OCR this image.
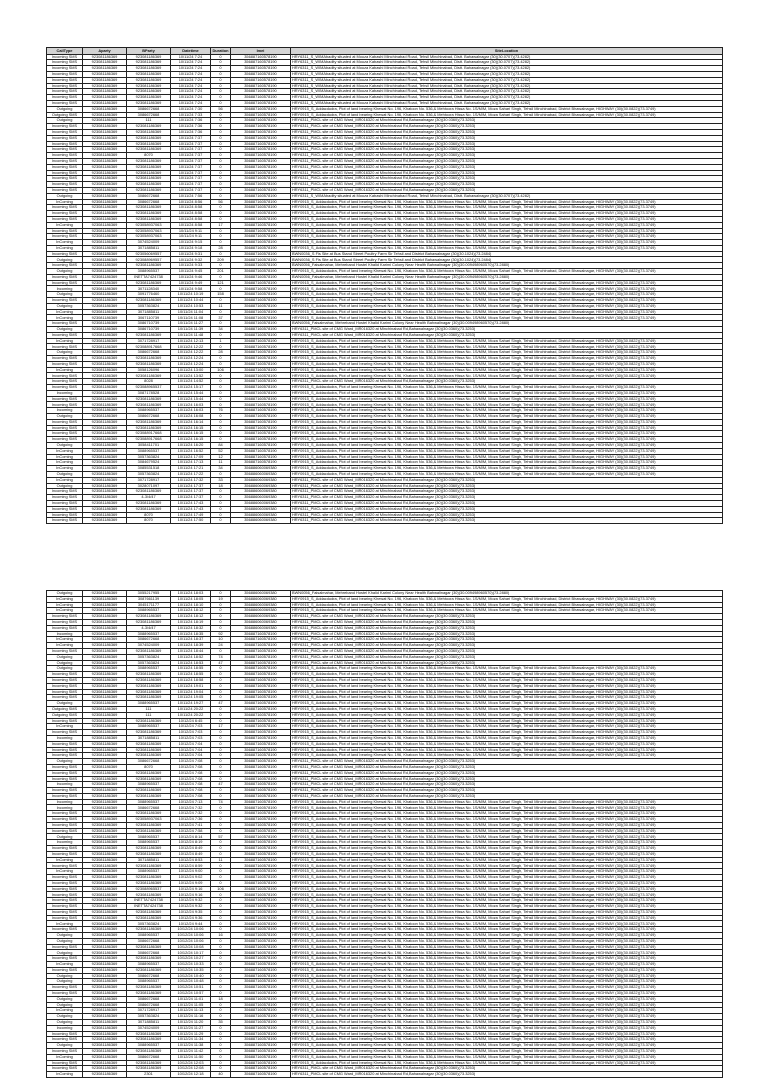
CallType	Aparty	BParty	Datetime	Duration	Imei	SiteLocation
Incoming SMS	923081186369	923081186369	10/11/24 7:24	0	356887160578190	HRY6311_S_WIMAbadity situated at Mouza Kabashi Minchinabad Road, Tehsil Minchinabad, Distt. Bahawalnagar (30)(30.0707)(73.4282)
Incoming SMS	923081186369	923081186369	10/11/24 7:24	0	356887160578190	HRY6311_S_WIMAbadity situated at Mouza Kabashi Minchinabad Road, Tehsil Minchinabad, Distt. Bahawalnagar (30)(30.0707)(73.4282)
Incoming SMS	923081186369	923081186369	10/11/24 7:24	0	356887160578190	HRY6311_S_WIMAbadity situated at Mouza Kabashi Minchinabad Road, Tehsil Minchinabad, Distt. Bahawalnagar (30)(30.0707)(73.4282)
Incoming SMS	923081186369	923081186369	10/11/24 7:24	0	356887160578190	HRY6311_S_WIMAbadity situated at Mouza Kabashi Minchinabad Road, Tehsil Minchinabad, Distt. Bahawalnagar (30)(30.0707)(73.4282)
Incoming SMS	923081186369	923081186369	10/11/24 7:24	0	356887160578190	HRY6311_S_WIMAbadity situated at Mouza Kabashi Minchinabad Road, Tehsil Minchinabad, Distt. Bahawalnagar (30)(30.0707)(73.4282)
Incoming SMS	923081186369	923081186369	10/11/24 7:24	0	356887160578190	HRY6311_S_WIMAbadity situated at Mouza Kabashi Minchinabad Road, Tehsil Minchinabad, Distt. Bahawalnagar (30)(30.0707)(73.4282)
Incoming SMS	923081186369	923081186369	10/11/24 7:24	0	356887160578190	HRY6311_S_WIMAbadity situated at Mouza Kabashi Minchinabad Road, Tehsil Minchinabad, Distt. Bahawalnagar (30)(30.0707)(73.4282)
Incoming SMS	923081186369	923081186369	10/11/24 7:24	0	356887160578190	HRY6311_S_WIMAbadity situated at Mouza Kabashi Minchinabad Road, Tehsil Minchinabad, Distt. Bahawalnagar (30)(30.0707)(73.4282)
Incoming SMS	923081186369	923081186369	10/11/24 7:24	0	356887160578190	HRY6311_S_WIMAbadity situated at Mouza Kabashi Minchinabad Road, Tehsil Minchinabad, Distt. Bahawalnagar (30)(30.0707)(73.4282)
Outgoing	923081186369	3086672668	10/11/24 7:30	56	356887160578190	HRY0915_S_Addacdudra, Plot of land bearing Khewat No. 196, Khatoon No. 536,& Mehtoora Hissa No. 1S/M/M, Moza Sahari Singh, Tehsil Minchinabad, District Bhawalnagar, HIGHWAY (30)(30.0822)(73.3749)
Outgoing SMS	923081186369	3086672668	10/11/24 7:33	0	356887160578190	HRY0915_S_Addacdudra, Plot of land bearing Khewat No. 196, Khatoon No. 536,& Mehtoora Hissa No. 1S/M/M, Moza Sahari Singh, Tehsil Minchinabad, District Bhawalnagar, HIGHWAY (30)(30.0822)(73.3749)
Outgoing	923081186369	111	10/11/24 7:36	0	356887160578190	HRY6311_PMCL site of CMG Ward_MR016320 at Minchinabad Rd,Bahawalnagar (30)(30.0360)(73.3253)
Incoming SMS	923081186369	923081186369	10/11/24 7:36	0	356887160578190	HRY6311_PMCL site of CMG Ward_MR016320 at Minchinabad Rd,Bahawalnagar (30)(30.0360)(73.3253)
Incoming SMS	923081186369	923081186369	10/11/24 7:36	0	356887160578190	HRY6311_PMCL site of CMG Ward_MR016320 at Minchinabad Rd,Bahawalnagar (30)(30.0360)(73.3253)
Incoming SMS	923081186369	923081186369	10/11/24 7:37	0	356887160578190	HRY6311_PMCL site of CMG Ward_MR016320 at Minchinabad Rd,Bahawalnagar (30)(30.0360)(73.3253)
Incoming SMS	923081186369	923081186369	10/11/24 7:37	0	356887160578190	HRY6311_PMCL site of CMG Ward_MR016320 at Minchinabad Rd,Bahawalnagar (30)(30.0360)(73.3253)
Incoming SMS	923081186369	923081186369	10/11/24 7:37	0	356887160578190	HRY6311_PMCL site of CMG Ward_MR016320 at Minchinabad Rd,Bahawalnagar (30)(30.0360)(73.3253)
Incoming SMS	923081186369	8070	10/11/24 7:37	0	356887160578190	HRY6311_PMCL site of CMG Ward_MR016320 at Minchinabad Rd,Bahawalnagar (30)(30.0360)(73.3253)
Incoming SMS	923081186369	923081186369	10/11/24 7:37	0	356887160578190	HRY6311_PMCL site of CMG Ward_MR016320 at Minchinabad Rd,Bahawalnagar (30)(30.0360)(73.3253)
Incoming SMS	923081186369	923081186369	10/11/24 7:37	0	356887160578190	HRY6311_PMCL site of CMG Ward_MR016320 at Minchinabad Rd,Bahawalnagar (30)(30.0360)(73.3253)
Incoming SMS	923081186369	923081186369	10/11/24 7:37	0	356887160578190	HRY6311_PMCL site of CMG Ward_MR016320 at Minchinabad Rd,Bahawalnagar (30)(30.0360)(73.3253)
Incoming SMS	923081186369	923081186369	10/11/24 7:37	0	356887160578190	HRY6311_PMCL site of CMG Ward_MR016320 at Minchinabad Rd,Bahawalnagar (30)(30.0360)(73.3253)
Incoming SMS	923081186369	923081186369	10/11/24 7:37	0	356887160578190	HRY6311_PMCL site of CMG Ward_MR016320 at Minchinabad Rd,Bahawalnagar (30)(30.0360)(73.3253)
Incoming SMS	923081186369	923081186369	10/11/24 7:37	0	356887160578190	HRY6311_PMCL site of CMG Ward_MR016320 at Minchinabad Rd,Bahawalnagar (30)(30.0360)(73.3253)
Outgoing	923081186369	3086672668	10/11/24 7:56	0	356887160578190	HRY6311_S_WIMAbadity situated at Mouza Kabashi Minchinabad Road, Tehsil Minchinabad, Distt. Bahawalnagar (30)(30.0707)(73.4282)
InComing	923081186369	3086672668	10/11/24 8:56	56	356887160578190	HRY0915_S_Addacdudra, Plot of land bearing Khewat No. 196, Khatoon No. 536,& Mehtoora Hissa No. 1S/M/M, Moza Sahari Singh, Tehsil Minchinabad, District Bhawalnagar, HIGHWAY (30)(30.0822)(73.3749)
Incoming SMS	923081186369	923081186369	10/11/24 8:58	0	356887160578190	HRY0915_S_Addacdudra, Plot of land bearing Khewat No. 196, Khatoon No. 536,& Mehtoora Hissa No. 1S/M/M, Moza Sahari Singh, Tehsil Minchinabad, District Bhawalnagar, HIGHWAY (30)(30.0822)(73.3749)
Incoming SMS	923081186369	923081186369	10/11/24 8:58	0	356887160578190	HRY0915_S_Addacdudra, Plot of land bearing Khewat No. 196, Khatoon No. 536,& Mehtoora Hissa No. 1S/M/M, Moza Sahari Singh, Tehsil Minchinabad, District Bhawalnagar, HIGHWAY (30)(30.0822)(73.3749)
Incoming SMS	923081186369	923081186369	10/11/24 8:58	0	356887160578190	HRY0915_S_Addacdudra, Plot of land bearing Khewat No. 196, Khatoon No. 536,& Mehtoora Hissa No. 1S/M/M, Moza Sahari Singh, Tehsil Minchinabad, District Bhawalnagar, HIGHWAY (30)(30.0822)(73.3749)
InComing	923081186369	923058937063	10/11/24 8:58	17	356887160578190	HRY0915_S_Addacdudra, Plot of land bearing Khewat No. 196, Khatoon No. 536,& Mehtoora Hissa No. 1S/M/M, Moza Sahari Singh, Tehsil Minchinabad, District Bhawalnagar, HIGHWAY (30)(30.0822)(73.3749)
Incoming SMS	923081186369	923058937063	10/11/24 9:11	0	356887160578190	HRY0915_S_Addacdudra, Plot of land bearing Khewat No. 196, Khatoon No. 536,& Mehtoora Hissa No. 1S/M/M, Moza Sahari Singh, Tehsil Minchinabad, District Bhawalnagar, HIGHWAY (30)(30.0822)(73.3749)
Incoming SMS	923081186369	923058937063	10/11/24 9:11	0	356887160578190	HRY0915_S_Addacdudra, Plot of land bearing Khewat No. 196, Khatoon No. 536,& Mehtoora Hissa No. 1S/M/M, Moza Sahari Singh, Tehsil Minchinabad, District Bhawalnagar, HIGHWAY (30)(30.0822)(73.3749)
InComing	923081186369	3074524009	10/11/24 9:15	0	356887160578190	HRY0915_S_Addacdudra, Plot of land bearing Khewat No. 196, Khatoon No. 536,& Mehtoora Hissa No. 1S/M/M, Moza Sahari Singh, Tehsil Minchinabad, District Bhawalnagar, HIGHWAY (30)(30.0822)(73.3749)
InComing	923081186369	3071885811	10/11/24 9:18	28	356887160578190	HRY0915_S_Addacdudra, Plot of land bearing Khewat No. 196, Khatoon No. 536,& Mehtoora Hissa No. 1S/M/M, Moza Sahari Singh, Tehsil Minchinabad, District Bhawalnagar, HIGHWAY (30)(30.0822)(73.3749)
Incoming SMS	923081186369	923056069557	10/11/24 9:31	0	356887160578190	BWN0036_S Fis Site at Bus Stand Street Poultry Farm Sir Tehsil and District Bahawalnagar (30)(30.1024)(73.2484)
Outgoing	923081186369	923088969557	10/11/24 9:32	209	356887160578190	BWN0036_S Fis Site at Bus Stand Street Poultry Farm Sir Tehsil and District Bahawalnagar (30)(30.1024)(73.2484)
Incoming SMS	923081186369	923081186369	10/11/24 9:33	0	356887160578190	BWN0056_Faisalmahar, Mehreband Hostel Khalid Karimi Colony Near Health Bahwalinagar (30)(30.009498960570)(73.2880)
Outgoing	923081186369	3088965537	10/11/24 9:45	201	356887160578190	HRY0915_S_Addacdudra, Plot of land bearing Khewat No. 196, Khatoon No. 536,& Mehtoora Hissa No. 1S/M/M, Moza Sahari Singh, Tehsil Minchinabad, District Bhawalnagar, HIGHWAY (30)(30.0822)(73.3749)
Incoming SMS	923081186369	INETTA7424738	10/11/24 9:46	0	356887160578190	BWN0056_Faisalmahar, Mehreband Hostel Khalid Karimi Colony Near Health Bahwalinagar (30)(30.009498960570)(73.2880)
Incoming SMS	923081186369	923081186369	10/11/24 9:49	121	356887160578190	HRY0915_S_Addacdudra, Plot of land bearing Khewat No. 196, Khatoon No. 536,& Mehtoora Hissa No. 1S/M/M, Moza Sahari Singh, Tehsil Minchinabad, District Bhawalnagar, HIGHWAY (30)(30.0822)(73.3749)
Incoming	923081186369	3071128340	10/11/24 9:58	0	356887160578190	HRY0915_S_Addacdudra, Plot of land bearing Khewat No. 196, Khatoon No. 536,& Mehtoora Hissa No. 1S/M/M, Moza Sahari Singh, Tehsil Minchinabad, District Bhawalnagar, HIGHWAY (30)(30.0822)(73.3749)
Outgoing	923081186369	3091776460	10/11/24 10:19	158	356887160578190	HRY0915_S_Addacdudra, Plot of land bearing Khewat No. 196, Khatoon No. 536,& Mehtoora Hissa No. 1S/M/M, Moza Sahari Singh, Tehsil Minchinabad, District Bhawalnagar, HIGHWAY (30)(30.0822)(73.3749)
Incoming SMS	923081186369	923081186369	10/11/24 10:44	0	356887160578190	HRY0915_S_Addacdudra, Plot of land bearing Khewat No. 196, Khatoon No. 536,& Mehtoora Hissa No. 1S/M/M, Moza Sahari Singh, Tehsil Minchinabad, District Bhawalnagar, HIGHWAY (30)(30.0822)(73.3749)
Outgoing	923081186369	3057363824	10/11/24 10:53	11	356887160578190	HRY0915_S_Addacdudra, Plot of land bearing Khewat No. 196, Khatoon No. 536,& Mehtoora Hissa No. 1S/M/M, Moza Sahari Singh, Tehsil Minchinabad, District Bhawalnagar, HIGHWAY (30)(30.0822)(73.3749)
InComing	923081186369	3071885811	10/11/24 11:04	0	356887160578190	HRY0915_S_Addacdudra, Plot of land bearing Khewat No. 196, Khatoon No. 536,& Mehtoora Hissa No. 1S/M/M, Moza Sahari Singh, Tehsil Minchinabad, District Bhawalnagar, HIGHWAY (30)(30.0822)(73.3749)
InComing	923081186369	3067110739	10/11/24 11:08	37	356887160578190	HRY0915_S_Addacdudra, Plot of land bearing Khewat No. 196, Khatoon No. 536,& Mehtoora Hissa No. 1S/M/M, Moza Sahari Singh, Tehsil Minchinabad, District Bhawalnagar, HIGHWAY (30)(30.0822)(73.3749)
Incoming SMS	923081186369	3086710739	10/11/24 11:27	0	356887160578190	BWN0056_Faisalmahar, Mehreband Hostel Khalid Karimi Colony Near Health Bahwalinagar (30)(30.009498960570)(73.2880)
Outgoing	923081186369	3086710739	10/11/24 11:39	34	356887160578190	HRY6311_PMCL site of CMG Ward_MR016320 at Minchinabad Rd,Bahawalnagar (30)(30.0360)(73.3253)
Incoming SMS	923081186369	923081186369	10/11/24 11:48	0	356887160578190	HRY6311_PMCL site of CMG Ward_MR016320 at Minchinabad Rd,Bahawalnagar (30)(30.0360)(73.3253)
InComing	923081186369	3071728917	10/11/24 12:13	1	356887160578190	HRY0915_S_Addacdudra, Plot of land bearing Khewat No. 196, Khatoon No. 536,& Mehtoora Hissa No. 1S/M/M, Moza Sahari Singh, Tehsil Minchinabad, District Bhawalnagar, HIGHWAY (30)(30.0822)(73.3749)
Incoming SMS	923081186369	923088917668	10/11/24 12:22	0	356887160578190	HRY0915_S_Addacdudra, Plot of land bearing Khewat No. 196, Khatoon No. 536,& Mehtoora Hissa No. 1S/M/M, Moza Sahari Singh, Tehsil Minchinabad, District Bhawalnagar, HIGHWAY (30)(30.0822)(73.3749)
Outgoing	923081186369	3086672668	10/11/24 12:22	28	356887160578190	HRY0915_S_Addacdudra, Plot of land bearing Khewat No. 196, Khatoon No. 536,& Mehtoora Hissa No. 1S/M/M, Moza Sahari Singh, Tehsil Minchinabad, District Bhawalnagar, HIGHWAY (30)(30.0822)(73.3749)
Incoming SMS	923081186369	923081186369	10/11/24 12:24	0	356887160578190	HRY0915_S_Addacdudra, Plot of land bearing Khewat No. 196, Khatoon No. 536,& Mehtoora Hissa No. 1S/M/M, Moza Sahari Singh, Tehsil Minchinabad, District Bhawalnagar, HIGHWAY (30)(30.0822)(73.3749)
Incoming SMS	923081186369	923081186369	10/11/24 12:24	0	356887160578190	HRY0915_S_Addacdudra, Plot of land bearing Khewat No. 196, Khatoon No. 536,& Mehtoora Hissa No. 1S/M/M, Moza Sahari Singh, Tehsil Minchinabad, District Bhawalnagar, HIGHWAY (30)(30.0822)(73.3749)
InComing	923081186369	3058126096	10/11/24 13:00	106	356887160578190	HRY0915_S_Addacdudra, Plot of land bearing Khewat No. 196, Khatoon No. 536,& Mehtoora Hissa No. 1S/M/M, Moza Sahari Singh, Tehsil Minchinabad, District Bhawalnagar, HIGHWAY (30)(30.0822)(73.3749)
Incoming SMS	923081186369	923081186369	10/11/24 13:52	0	356887160578190	HRY0915_S_Addacdudra, Plot of land bearing Khewat No. 196, Khatoon No. 536,& Mehtoora Hissa No. 1S/M/M, Moza Sahari Singh, Tehsil Minchinabad, District Bhawalnagar, HIGHWAY (30)(30.0822)(73.3749)
Incoming SMS	923081186369	8028	10/11/24 14:52	0	356887160578190	HRY6311_PMCL site of CMG Ward_MR016320 at Minchinabad Rd,Bahawalnagar (30)(30.0360)(73.3253)
Incoming SMS	923081186369	923088965537	10/11/24 15:17	0	356887160578190	HRY0915_S_Addacdudra, Plot of land bearing Khewat No. 196, Khatoon No. 536,& Mehtoora Hissa No. 1S/M/M, Moza Sahari Singh, Tehsil Minchinabad, District Bhawalnagar, HIGHWAY (30)(30.0822)(73.3749)
Incoming	923081186369	3087178528	10/11/24 15:44	0	356887160578190	HRY0915_S_Addacdudra, Plot of land bearing Khewat No. 196, Khatoon No. 536,& Mehtoora Hissa No. 1S/M/M, Moza Sahari Singh, Tehsil Minchinabad, District Bhawalnagar, HIGHWAY (30)(30.0822)(73.3749)
Incoming SMS	923081186369	923081186369	10/11/24 15:44	0	356887160578190	HRY0915_S_Addacdudra, Plot of land bearing Khewat No. 196, Khatoon No. 536,& Mehtoora Hissa No. 1S/M/M, Moza Sahari Singh, Tehsil Minchinabad, District Bhawalnagar, HIGHWAY (30)(30.0822)(73.3749)
Incoming SMS	923081186369	923081186369	10/11/24 16:03	0	356887160578190	HRY0915_S_Addacdudra, Plot of land bearing Khewat No. 196, Khatoon No. 536,& Mehtoora Hissa No. 1S/M/M, Moza Sahari Singh, Tehsil Minchinabad, District Bhawalnagar, HIGHWAY (30)(30.0822)(73.3749)
Incoming	923081186369	3088965537	10/11/24 16:03	76	356887160578190	HRY0915_S_Addacdudra, Plot of land bearing Khewat No. 196, Khatoon No. 536,& Mehtoora Hissa No. 1S/M/M, Moza Sahari Singh, Tehsil Minchinabad, District Bhawalnagar, HIGHWAY (30)(30.0822)(73.3749)
Outgoing	923081186369	3086672668	10/11/24 16:08	0	356887160578190	HRY0915_S_Addacdudra, Plot of land bearing Khewat No. 196, Khatoon No. 536,& Mehtoora Hissa No. 1S/M/M, Moza Sahari Singh, Tehsil Minchinabad, District Bhawalnagar, HIGHWAY (30)(30.0822)(73.3749)
Incoming SMS	923081186369	923081186369	10/11/24 16:14	0	356887160578190	HRY0915_S_Addacdudra, Plot of land bearing Khewat No. 196, Khatoon No. 536,& Mehtoora Hissa No. 1S/M/M, Moza Sahari Singh, Tehsil Minchinabad, District Bhawalnagar, HIGHWAY (30)(30.0822)(73.3749)
Incoming SMS	923081186369	923081186369	10/11/24 16:15	0	356887160578190	HRY0915_S_Addacdudra, Plot of land bearing Khewat No. 196, Khatoon No. 536,& Mehtoora Hissa No. 1S/M/M, Moza Sahari Singh, Tehsil Minchinabad, District Bhawalnagar, HIGHWAY (30)(30.0822)(73.3749)
Incoming SMS	923081186369	923088917668	10/11/24 16:15	0	356887160578190	HRY0915_S_Addacdudra, Plot of land bearing Khewat No. 196, Khatoon No. 536,& Mehtoora Hissa No. 1S/M/M, Moza Sahari Singh, Tehsil Minchinabad, District Bhawalnagar, HIGHWAY (30)(30.0822)(73.3749)
Incoming SMS	923081186369	923088917668	10/11/24 16:15	0	356887160578190	HRY0915_S_Addacdudra, Plot of land bearing Khewat No. 196, Khatoon No. 536,& Mehtoora Hissa No. 1S/M/M, Moza Sahari Singh, Tehsil Minchinabad, District Bhawalnagar, HIGHWAY (30)(30.0822)(73.3749)
Outgoing	923081186369	3058411701	10/11/24 16:20	84	356887160578190	HRY0915_S_Addacdudra, Plot of land bearing Khewat No. 196, Khatoon No. 536,& Mehtoora Hissa No. 1S/M/M, Moza Sahari Singh, Tehsil Minchinabad, District Bhawalnagar, HIGHWAY (30)(30.0822)(73.3749)
InComing	923081186369	3088965537	10/11/24 16:52	52	356887160578190	HRY0915_S_Addacdudra, Plot of land bearing Khewat No. 196, Khatoon No. 536,& Mehtoora Hissa No. 1S/M/M, Moza Sahari Singh, Tehsil Minchinabad, District Bhawalnagar, HIGHWAY (30)(30.0822)(73.3749)
InComing	923081186369	3057363824	10/11/24 17:09	12	356887160578190	HRY0915_S_Addacdudra, Plot of land bearing Khewat No. 196, Khatoon No. 536,& Mehtoora Hissa No. 1S/M/M, Moza Sahari Singh, Tehsil Minchinabad, District Bhawalnagar, HIGHWAY (30)(30.0822)(73.3749)
InComing	923081186369	3084679524	10/11/24 17:13	11	356887160578190	HRY0915_S_Addacdudra, Plot of land bearing Khewat No. 196, Khatoon No. 536,& Mehtoora Hissa No. 1S/M/M, Moza Sahari Singh, Tehsil Minchinabad, District Bhawalnagar, HIGHWAY (30)(30.0822)(73.3749)
InComing	923081186369	3085531518	10/11/24 17:21	34	356886060069380	HRY0915_S_Addacdudra, Plot of land bearing Khewat No. 196, Khatoon No. 536,& Mehtoora Hissa No. 1S/M/M, Moza Sahari Singh, Tehsil Minchinabad, District Bhawalnagar, HIGHWAY (30)(30.0822)(73.3749)
Outgoing	923081186369	3057363824	10/11/24 17:22	0	356886060069380	HRY0915_S_Addacdudra, Plot of land bearing Khewat No. 196, Khatoon No. 536,& Mehtoora Hissa No. 1S/M/M, Moza Sahari Singh, Tehsil Minchinabad, District Bhawalnagar, HIGHWAY (30)(30.0822)(73.3749)
InComing	923081186369	3071728917	10/11/24 17:32	33	356886060069380	HRY6311_PMCL site of CMG Ward_MR016320 at Minchinabad Rd,Bahawalnagar (30)(30.0360)(73.3253)
Outgoing	923081186369	3028071097	10/11/24 17:37	18	356886060069380	HRY6311_PMCL site of CMG Ward_MR016320 at Minchinabad Rd,Bahawalnagar (30)(30.0360)(73.3253)
Incoming SMS	923081186369	923081186369	10/11/24 17:37	0	356886060069380	HRY6311_PMCL site of CMG Ward_MR016320 at Minchinabad Rd,Bahawalnagar (30)(30.0360)(73.3253)
Incoming SMS	923081186369	4-3/4/47	10/11/24 17:37	0	356886060069380	HRY6311_PMCL site of CMG Ward_MR016320 at Minchinabad Rd,Bahawalnagar (30)(30.0360)(73.3253)
Incoming SMS	923081186369	923081186369	10/11/24 17:43	0	356886060069380	HRY6311_PMCL site of CMG Ward_MR016320 at Minchinabad Rd,Bahawalnagar (30)(30.0360)(73.3253)
Incoming SMS	923081186369	923081186369	10/11/24 17:43	0	356886060069380	HRY6311_PMCL site of CMG Ward_MR016320 at Minchinabad Rd,Bahawalnagar (30)(30.0360)(73.3253)
Incoming SMS	923081186369	8070	10/11/24 17:49	0	356886060069380	HRY6311_PMCL site of CMG Ward_MR016320 at Minchinabad Rd,Bahawalnagar (30)(30.0360)(73.3253)
Incoming SMS	923081186369	8070	10/11/24 17:50	0	356886060069380	HRY6311_PMCL site of CMG Ward_MR016320 at Minchinabad Rd,Bahawalnagar (30)(30.0360)(73.3253)
Outgoing	923081186369	3055217955	10/11/24 18:03	0	356886060069380	BWN0056_Faisalmahar, Mehreband Hostel Khalid Karimi Colony Near Health Bahwalinagar (30)(30.009498960570)(73.2880)
InComing	923081186369	3087661139	10/11/24 18:05	19	356886060069380	HRY0915_S_Addacdudra, Plot of land bearing Khewat No. 196, Khatoon No. 536,& Mehtoora Hissa No. 1S/M/M, Moza Sahari Singh, Tehsil Minchinabad, District Bhawalnagar, HIGHWAY (30)(30.0822)(73.3749)
InComing	923081186369	3045171177	10/11/24 18:10	0	356886060069380	HRY0915_S_Addacdudra, Plot of land bearing Khewat No. 196, Khatoon No. 536,& Mehtoora Hissa No. 1S/M/M, Moza Sahari Singh, Tehsil Minchinabad, District Bhawalnagar, HIGHWAY (30)(30.0822)(73.3749)
InComing	923081186369	3088965537	10/11/24 18:12	0	356886060069380	HRY0915_S_Addacdudra, Plot of land bearing Khewat No. 196, Khatoon No. 536,& Mehtoora Hissa No. 1S/M/M, Moza Sahari Singh, Tehsil Minchinabad, District Bhawalnagar, HIGHWAY (30)(30.0822)(73.3749)
Incoming SMS	923081186369	923081186369	10/11/24 18:12	0	356886060069380	HRY6311_PMCL site of CMG Ward_MR016320 at Minchinabad Rd,Bahawalnagar (30)(30.0360)(73.3253)
Incoming SMS	923081186369	923081186369	10/11/24 18:19	0	356886060069380	HRY6311_PMCL site of CMG Ward_MR016320 at Minchinabad Rd,Bahawalnagar (30)(30.0360)(73.3253)
Incoming SMS	923081186369	4-3/4/47	10/11/24 18:32	0	356886060069380	HRY6311_PMCL site of CMG Ward_MR016320 at Minchinabad Rd,Bahawalnagar (30)(30.0360)(73.3253)
Incoming	923081186369	3088965537	10/11/24 18:35	92	356887160578190	HRY6311_PMCL site of CMG Ward_MR016320 at Minchinabad Rd,Bahawalnagar (30)(30.0360)(73.3253)
InComing	923081186369	3086672668	10/11/24 18:37	10	356887160578190	HRY6311_PMCL site of CMG Ward_MR016320 at Minchinabad Rd,Bahawalnagar (30)(30.0360)(73.3253)
InComing	923081186369	3074524009	10/11/24 18:39	24	356887160578190	HRY6311_PMCL site of CMG Ward_MR016320 at Minchinabad Rd,Bahawalnagar (30)(30.0360)(73.3253)
Incoming SMS	923081186369	923081186369	10/11/24 18:44	0	356887160578190	HRY6311_PMCL site of CMG Ward_MR016320 at Minchinabad Rd,Bahawalnagar (30)(30.0360)(73.3253)
Outgoing	923081186369	3057363824	10/11/24 18:52	74	356887160578190	HRY6311_PMCL site of CMG Ward_MR016320 at Minchinabad Rd,Bahawalnagar (30)(30.0360)(73.3253)
Outgoing	923081186369	3057363824	10/11/24 18:53	47	356887160578190	HRY6311_PMCL site of CMG Ward_MR016320 at Minchinabad Rd,Bahawalnagar (30)(30.0360)(73.3253)
Outgoing	923081186369	3088965537	10/11/24 18:55	0	356887160578190	HRY0915_S_Addacdudra, Plot of land bearing Khewat No. 196, Khatoon No. 536,& Mehtoora Hissa No. 1S/M/M, Moza Sahari Singh, Tehsil Minchinabad, District Bhawalnagar, HIGHWAY (30)(30.0822)(73.3749)
Incoming SMS	923081186369	923081186369	10/11/24 18:55	0	356887160578190	HRY0915_S_Addacdudra, Plot of land bearing Khewat No. 196, Khatoon No. 536,& Mehtoora Hissa No. 1S/M/M, Moza Sahari Singh, Tehsil Minchinabad, District Bhawalnagar, HIGHWAY (30)(30.0822)(73.3749)
Incoming SMS	923081186369	923081186369	10/11/24 18:58	0	356887160578190	HRY0915_S_Addacdudra, Plot of land bearing Khewat No. 196, Khatoon No. 536,& Mehtoora Hissa No. 1S/M/M, Moza Sahari Singh, Tehsil Minchinabad, District Bhawalnagar, HIGHWAY (30)(30.0822)(73.3749)
Incoming SMS	923081186369	923081186369	10/11/24 19:01	0	356887160578190	HRY0915_S_Addacdudra, Plot of land bearing Khewat No. 196, Khatoon No. 536,& Mehtoora Hissa No. 1S/M/M, Moza Sahari Singh, Tehsil Minchinabad, District Bhawalnagar, HIGHWAY (30)(30.0822)(73.3749)
Incoming SMS	923081186369	923081186369	10/11/24 19:04	0	356887160578190	HRY0915_S_Addacdudra, Plot of land bearing Khewat No. 196, Khatoon No. 536,& Mehtoora Hissa No. 1S/M/M, Moza Sahari Singh, Tehsil Minchinabad, District Bhawalnagar, HIGHWAY (30)(30.0822)(73.3749)
Incoming SMS	923081186369	923081186369	10/11/24 19:05	0	356887160578190	HRY0915_S_Addacdudra, Plot of land bearing Khewat No. 196, Khatoon No. 536,& Mehtoora Hissa No. 1S/M/M, Moza Sahari Singh, Tehsil Minchinabad, District Bhawalnagar, HIGHWAY (30)(30.0822)(73.3749)
Outgoing	923081186369	3088965537	10/11/24 19:27	47	356887160578190	HRY0915_S_Addacdudra, Plot of land bearing Khewat No. 196, Khatoon No. 536,& Mehtoora Hissa No. 1S/M/M, Moza Sahari Singh, Tehsil Minchinabad, District Bhawalnagar, HIGHWAY (30)(30.0822)(73.3749)
Outgoing SMS	923081186369	111	10/11/24 20:22	0	356887160578190	HRY0915_S_Addacdudra, Plot of land bearing Khewat No. 196, Khatoon No. 536,& Mehtoora Hissa No. 1S/M/M, Moza Sahari Singh, Tehsil Minchinabad, District Bhawalnagar, HIGHWAY (30)(30.0822)(73.3749)
Outgoing SMS	923081186369	111	10/11/24 20:22	0	356887160578190	HRY0915_S_Addacdudra, Plot of land bearing Khewat No. 196, Khatoon No. 536,& Mehtoora Hissa No. 1S/M/M, Moza Sahari Singh, Tehsil Minchinabad, District Bhawalnagar, HIGHWAY (30)(30.0822)(73.3749)
Incoming SMS	923081186369	923081186369	10/12/24 6:45	0	356887160578190	HRY0915_S_Addacdudra, Plot of land bearing Khewat No. 196, Khatoon No. 536,& Mehtoora Hissa No. 1S/M/M, Moza Sahari Singh, Tehsil Minchinabad, District Bhawalnagar, HIGHWAY (30)(30.0822)(73.3749)
InComing	923081186369	3088965537	10/12/24 7:03	17	356887160578190	HRY0915_S_Addacdudra, Plot of land bearing Khewat No. 196, Khatoon No. 536,& Mehtoora Hissa No. 1S/M/M, Moza Sahari Singh, Tehsil Minchinabad, District Bhawalnagar, HIGHWAY (30)(30.0822)(73.3749)
Incoming SMS	923081186369	923081186369	10/12/24 7:03	0	356887160578190	HRY0915_S_Addacdudra, Plot of land bearing Khewat No. 196, Khatoon No. 536,& Mehtoora Hissa No. 1S/M/M, Moza Sahari Singh, Tehsil Minchinabad, District Bhawalnagar, HIGHWAY (30)(30.0822)(73.3749)
Incoming	923081186369	3071885811	10/12/24 7:03	0	356887160578190	HRY0915_S_Addacdudra, Plot of land bearing Khewat No. 196, Khatoon No. 536,& Mehtoora Hissa No. 1S/M/M, Moza Sahari Singh, Tehsil Minchinabad, District Bhawalnagar, HIGHWAY (30)(30.0822)(73.3749)
Incoming SMS	923081186369	923081186369	10/12/24 7:04	0	356887160578190	HRY0915_S_Addacdudra, Plot of land bearing Khewat No. 196, Khatoon No. 536,& Mehtoora Hissa No. 1S/M/M, Moza Sahari Singh, Tehsil Minchinabad, District Bhawalnagar, HIGHWAY (30)(30.0822)(73.3749)
Incoming SMS	923081186369	923081186369	10/12/24 7:04	0	356887160578190	HRY0915_S_Addacdudra, Plot of land bearing Khewat No. 196, Khatoon No. 536,& Mehtoora Hissa No. 1S/M/M, Moza Sahari Singh, Tehsil Minchinabad, District Bhawalnagar, HIGHWAY (30)(30.0822)(73.3749)
Incoming SMS	923081186369	923081186369	10/12/24 7:04	0	356887160578190	HRY0915_S_Addacdudra, Plot of land bearing Khewat No. 196, Khatoon No. 536,& Mehtoora Hissa No. 1S/M/M, Moza Sahari Singh, Tehsil Minchinabad, District Bhawalnagar, HIGHWAY (30)(30.0822)(73.3749)
Outgoing	923081186369	3086672668	10/12/24 7:08	0	356887160578190	HRY6311_PMCL site of CMG Ward_MR016320 at Minchinabad Rd,Bahawalnagar (30)(30.0360)(73.3253)
Incoming SMS	923081186369	8070	10/12/24 7:08	0	356887160578190	HRY6311_PMCL site of CMG Ward_MR016320 at Minchinabad Rd,Bahawalnagar (30)(30.0360)(73.3253)
Incoming SMS	923081186369	923081186369	10/12/24 7:08	0	356887160578190	HRY6311_PMCL site of CMG Ward_MR016320 at Minchinabad Rd,Bahawalnagar (30)(30.0360)(73.3253)
Incoming SMS	923081186369	923081186369	10/12/24 7:08	0	356887160578190	HRY6311_PMCL site of CMG Ward_MR016320 at Minchinabad Rd,Bahawalnagar (30)(30.0360)(73.3253)
Incoming	923081186369	3088965537	10/12/24 7:08	47	356887160578190	HRY6311_PMCL site of CMG Ward_MR016320 at Minchinabad Rd,Bahawalnagar (30)(30.0360)(73.3253)
Incoming SMS	923081186369	923081186369	10/12/24 7:08	0	356887160578190	HRY6311_PMCL site of CMG Ward_MR016320 at Minchinabad Rd,Bahawalnagar (30)(30.0360)(73.3253)
Incoming SMS	923081186369	923081186369	10/12/24 7:08	0	356887160578190	HRY6311_PMCL site of CMG Ward_MR016320 at Minchinabad Rd,Bahawalnagar (30)(30.0360)(73.3253)
Incoming	923081186369	3088965537	10/12/24 7:13	74	356887160578190	HRY0915_S_Addacdudra, Plot of land bearing Khewat No. 196, Khatoon No. 536,& Mehtoora Hissa No. 1S/M/M, Moza Sahari Singh, Tehsil Minchinabad, District Bhawalnagar, HIGHWAY (30)(30.0822)(73.3749)
Incoming	923081186369	3086672668	10/12/24 7:32	0	356887160578190	HRY0915_S_Addacdudra, Plot of land bearing Khewat No. 196, Khatoon No. 536,& Mehtoora Hissa No. 1S/M/M, Moza Sahari Singh, Tehsil Minchinabad, District Bhawalnagar, HIGHWAY (30)(30.0822)(73.3749)
Incoming SMS	923081186369	923081186369	10/12/24 7:32	0	356887160578190	HRY0915_S_Addacdudra, Plot of land bearing Khewat No. 196, Khatoon No. 536,& Mehtoora Hissa No. 1S/M/M, Moza Sahari Singh, Tehsil Minchinabad, District Bhawalnagar, HIGHWAY (30)(30.0822)(73.3749)
Incoming SMS	923081186369	923058937063	10/12/24 7:36	0	356887160578190	HRY0915_S_Addacdudra, Plot of land bearing Khewat No. 196, Khatoon No. 536,& Mehtoora Hissa No. 1S/M/M, Moza Sahari Singh, Tehsil Minchinabad, District Bhawalnagar, HIGHWAY (30)(30.0822)(73.3749)
Incoming SMS	923081186369	923081186369	10/12/24 7:41	0	356887160578190	HRY0915_S_Addacdudra, Plot of land bearing Khewat No. 196, Khatoon No. 536,& Mehtoora Hissa No. 1S/M/M, Moza Sahari Singh, Tehsil Minchinabad, District Bhawalnagar, HIGHWAY (30)(30.0822)(73.3749)
Incoming SMS	923081186369	923081186369	10/12/24 7:58	0	356887160578190	HRY0915_S_Addacdudra, Plot of land bearing Khewat No. 196, Khatoon No. 536,& Mehtoora Hissa No. 1S/M/M, Moza Sahari Singh, Tehsil Minchinabad, District Bhawalnagar, HIGHWAY (30)(30.0822)(73.3749)
Outgoing	923081186369	3088965537	10/12/24 8:14	57	356887160578190	HRY0915_S_Addacdudra, Plot of land bearing Khewat No. 196, Khatoon No. 536,& Mehtoora Hissa No. 1S/M/M, Moza Sahari Singh, Tehsil Minchinabad, District Bhawalnagar, HIGHWAY (30)(30.0822)(73.3749)
Incoming	923081186369	3088965537	10/12/24 8:19	0	356887160578190	HRY0915_S_Addacdudra, Plot of land bearing Khewat No. 196, Khatoon No. 536,& Mehtoora Hissa No. 1S/M/M, Moza Sahari Singh, Tehsil Minchinabad, District Bhawalnagar, HIGHWAY (30)(30.0822)(73.3749)
Incoming SMS	923081186369	923081186369	10/12/24 8:49	0	356887160578190	HRY0915_S_Addacdudra, Plot of land bearing Khewat No. 196, Khatoon No. 536,& Mehtoora Hissa No. 1S/M/M, Moza Sahari Singh, Tehsil Minchinabad, District Bhawalnagar, HIGHWAY (30)(30.0822)(73.3749)
Incoming SMS	923081186369	923081186369	10/12/24 8:49	0	356887160578190	HRY0915_S_Addacdudra, Plot of land bearing Khewat No. 196, Khatoon No. 536,& Mehtoora Hissa No. 1S/M/M, Moza Sahari Singh, Tehsil Minchinabad, District Bhawalnagar, HIGHWAY (30)(30.0822)(73.3749)
InComing	923081186369	3071885811	10/12/24 8:53	11	356887160578190	HRY0915_S_Addacdudra, Plot of land bearing Khewat No. 196, Khatoon No. 536,& Mehtoora Hissa No. 1S/M/M, Moza Sahari Singh, Tehsil Minchinabad, District Bhawalnagar, HIGHWAY (30)(30.0822)(73.3749)
Incoming SMS	923081186369	923081186369	10/12/24 8:59	0	356887160578190	HRY0915_S_Addacdudra, Plot of land bearing Khewat No. 196, Khatoon No. 536,& Mehtoora Hissa No. 1S/M/M, Moza Sahari Singh, Tehsil Minchinabad, District Bhawalnagar, HIGHWAY (30)(30.0822)(73.3749)
InComing	923081186369	3088965537	10/12/24 9:00	0	356887160578190	HRY0915_S_Addacdudra, Plot of land bearing Khewat No. 196, Khatoon No. 536,& Mehtoora Hissa No. 1S/M/M, Moza Sahari Singh, Tehsil Minchinabad, District Bhawalnagar, HIGHWAY (30)(30.0822)(73.3749)
Incoming SMS	923081186369	923081186369	10/12/24 9:02	0	356887160578190	HRY0915_S_Addacdudra, Plot of land bearing Khewat No. 196, Khatoon No. 536,& Mehtoora Hissa No. 1S/M/M, Moza Sahari Singh, Tehsil Minchinabad, District Bhawalnagar, HIGHWAY (30)(30.0822)(73.3749)
Incoming SMS	923081186369	923081186369	10/12/24 9:09	0	356887160578190	HRY0915_S_Addacdudra, Plot of land bearing Khewat No. 196, Khatoon No. 536,& Mehtoora Hissa No. 1S/M/M, Moza Sahari Singh, Tehsil Minchinabad, District Bhawalnagar, HIGHWAY (30)(30.0822)(73.3749)
Incoming SMS	923081186369	923088965537	10/12/24 9:16	106	356887160578190	HRY0915_S_Addacdudra, Plot of land bearing Khewat No. 196, Khatoon No. 536,& Mehtoora Hissa No. 1S/M/M, Moza Sahari Singh, Tehsil Minchinabad, District Bhawalnagar, HIGHWAY (30)(30.0822)(73.3749)
Incoming SMS	923081186369	923081186369	10/12/24 9:16	0	356887160578190	HRY0915_S_Addacdudra, Plot of land bearing Khewat No. 196, Khatoon No. 536,& Mehtoora Hissa No. 1S/M/M, Moza Sahari Singh, Tehsil Minchinabad, District Bhawalnagar, HIGHWAY (30)(30.0822)(73.3749)
Incoming SMS	923081186369	INETTA7424738	10/12/24 9:32	0	356887160578190	HRY0915_S_Addacdudra, Plot of land bearing Khewat No. 196, Khatoon No. 536,& Mehtoora Hissa No. 1S/M/M, Moza Sahari Singh, Tehsil Minchinabad, District Bhawalnagar, HIGHWAY (30)(30.0822)(73.3749)
Incoming SMS	923081186369	INETTA7424738	10/12/24 9:32	0	356887160578190	HRY0915_S_Addacdudra, Plot of land bearing Khewat No. 196, Khatoon No. 536,& Mehtoora Hissa No. 1S/M/M, Moza Sahari Singh, Tehsil Minchinabad, District Bhawalnagar, HIGHWAY (30)(30.0822)(73.3749)
Incoming SMS	923081186369	923081186369	10/12/24 9:35	0	356887160578190	HRY0915_S_Addacdudra, Plot of land bearing Khewat No. 196, Khatoon No. 536,& Mehtoora Hissa No. 1S/M/M, Moza Sahari Singh, Tehsil Minchinabad, District Bhawalnagar, HIGHWAY (30)(30.0822)(73.3749)
Incoming SMS	923081186369	923081186369	10/12/24 9:36	0	356887160578190	HRY0915_S_Addacdudra, Plot of land bearing Khewat No. 196, Khatoon No. 536,& Mehtoora Hissa No. 1S/M/M, Moza Sahari Singh, Tehsil Minchinabad, District Bhawalnagar, HIGHWAY (30)(30.0822)(73.3749)
InComing	923081186369	3057363824	10/12/24 9:44	0	356887160578190	HRY0915_S_Addacdudra, Plot of land bearing Khewat No. 196, Khatoon No. 536,& Mehtoora Hissa No. 1S/M/M, Moza Sahari Singh, Tehsil Minchinabad, District Bhawalnagar, HIGHWAY (30)(30.0822)(73.3749)
Incoming SMS	923081186369	923081186369	10/12/24 10:06	0	356887160578190	HRY0915_S_Addacdudra, Plot of land bearing Khewat No. 196, Khatoon No. 536,& Mehtoora Hissa No. 1S/M/M, Moza Sahari Singh, Tehsil Minchinabad, District Bhawalnagar, HIGHWAY (30)(30.0822)(73.3749)
Outgoing	923081186369	3088965537	10/12/24 10:06	16	356887160578190	HRY0915_S_Addacdudra, Plot of land bearing Khewat No. 196, Khatoon No. 536,& Mehtoora Hissa No. 1S/M/M, Moza Sahari Singh, Tehsil Minchinabad, District Bhawalnagar, HIGHWAY (30)(30.0822)(73.3749)
Outgoing	923081186369	3086672668	10/12/24 10:06	0	356887160578190	HRY0915_S_Addacdudra, Plot of land bearing Khewat No. 196, Khatoon No. 536,& Mehtoora Hissa No. 1S/M/M, Moza Sahari Singh, Tehsil Minchinabad, District Bhawalnagar, HIGHWAY (30)(30.0822)(73.3749)
Incoming SMS	923081186369	923081186369	10/12/24 10:08	0	356887160578190	HRY0915_S_Addacdudra, Plot of land bearing Khewat No. 196, Khatoon No. 536,& Mehtoora Hissa No. 1S/M/M, Moza Sahari Singh, Tehsil Minchinabad, District Bhawalnagar, HIGHWAY (30)(30.0822)(73.3749)
Outgoing	923081186369	3086672668	10/12/24 10:17	0	356887160578190	HRY0915_S_Addacdudra, Plot of land bearing Khewat No. 196, Khatoon No. 536,& Mehtoora Hissa No. 1S/M/M, Moza Sahari Singh, Tehsil Minchinabad, District Bhawalnagar, HIGHWAY (30)(30.0822)(73.3749)
Incoming SMS	923081186369	923081186369	10/12/24 10:27	0	356887160578190	HRY0915_S_Addacdudra, Plot of land bearing Khewat No. 196, Khatoon No. 536,& Mehtoora Hissa No. 1S/M/M, Moza Sahari Singh, Tehsil Minchinabad, District Bhawalnagar, HIGHWAY (30)(30.0822)(73.3749)
InComing	923081186369	3088965537	10/12/24 10:33	0	356887160578190	HRY0915_S_Addacdudra, Plot of land bearing Khewat No. 196, Khatoon No. 536,& Mehtoora Hissa No. 1S/M/M, Moza Sahari Singh, Tehsil Minchinabad, District Bhawalnagar, HIGHWAY (30)(30.0822)(73.3749)
Incoming SMS	923081186369	923081186369	10/12/24 10:35	0	356887160578190	HRY0915_S_Addacdudra, Plot of land bearing Khewat No. 196, Khatoon No. 536,& Mehtoora Hissa No. 1S/M/M, Moza Sahari Singh, Tehsil Minchinabad, District Bhawalnagar, HIGHWAY (30)(30.0822)(73.3749)
Outgoing	923081186369	3086672668	10/12/24 10:40	0	356887160578190	HRY0915_S_Addacdudra, Plot of land bearing Khewat No. 196, Khatoon No. 536,& Mehtoora Hissa No. 1S/M/M, Moza Sahari Singh, Tehsil Minchinabad, District Bhawalnagar, HIGHWAY (30)(30.0822)(73.3749)
Outgoing	923081186369	3088965537	10/12/24 10:48	0	356887160578190	HRY0915_S_Addacdudra, Plot of land bearing Khewat No. 196, Khatoon No. 536,& Mehtoora Hissa No. 1S/M/M, Moza Sahari Singh, Tehsil Minchinabad, District Bhawalnagar, HIGHWAY (30)(30.0822)(73.3749)
Incoming SMS	923081186369	923081186369	10/12/24 10:51	0	356887160578190	HRY0915_S_Addacdudra, Plot of land bearing Khewat No. 196, Khatoon No. 536,& Mehtoora Hissa No. 1S/M/M, Moza Sahari Singh, Tehsil Minchinabad, District Bhawalnagar, HIGHWAY (30)(30.0822)(73.3749)
Incoming SMS	923081186369	923081186369	10/12/24 10:57	0	356887160578190	HRY0915_S_Addacdudra, Plot of land bearing Khewat No. 196, Khatoon No. 536,& Mehtoora Hissa No. 1S/M/M, Moza Sahari Singh, Tehsil Minchinabad, District Bhawalnagar, HIGHWAY (30)(30.0822)(73.3749)
Outgoing	923081186369	3086672668	10/12/24 11:01	18	356887160578190	HRY0915_S_Addacdudra, Plot of land bearing Khewat No. 196, Khatoon No. 536,& Mehtoora Hissa No. 1S/M/M, Moza Sahari Singh, Tehsil Minchinabad, District Bhawalnagar, HIGHWAY (30)(30.0822)(73.3749)
Outgoing	923081186369	3086672668	10/12/24 11:05	0	356887160578190	HRY0915_S_Addacdudra, Plot of land bearing Khewat No. 196, Khatoon No. 536,& Mehtoora Hissa No. 1S/M/M, Moza Sahari Singh, Tehsil Minchinabad, District Bhawalnagar, HIGHWAY (30)(30.0822)(73.3749)
InComing	923081186369	3071728917	10/12/24 11:13	0	356887160578190	HRY0915_S_Addacdudra, Plot of land bearing Khewat No. 196, Khatoon No. 536,& Mehtoora Hissa No. 1S/M/M, Moza Sahari Singh, Tehsil Minchinabad, District Bhawalnagar, HIGHWAY (30)(30.0822)(73.3749)
Outgoing	923081186369	3057363824	10/12/24 11:16	0	356887160578190	HRY0915_S_Addacdudra, Plot of land bearing Khewat No. 196, Khatoon No. 536,& Mehtoora Hissa No. 1S/M/M, Moza Sahari Singh, Tehsil Minchinabad, District Bhawalnagar, HIGHWAY (30)(30.0822)(73.3749)
Outgoing	923081186369	3071885811	10/12/24 11:20	35	356887160578190	HRY0915_S_Addacdudra, Plot of land bearing Khewat No. 196, Khatoon No. 536,& Mehtoora Hissa No. 1S/M/M, Moza Sahari Singh, Tehsil Minchinabad, District Bhawalnagar, HIGHWAY (30)(30.0822)(73.3749)
Incoming	923081186369	3074524009	10/12/24 11:27	0	356887160578190	HRY0915_S_Addacdudra, Plot of land bearing Khewat No. 196, Khatoon No. 536,& Mehtoora Hissa No. 1S/M/M, Moza Sahari Singh, Tehsil Minchinabad, District Bhawalnagar, HIGHWAY (30)(30.0822)(73.3749)
Incoming SMS	923081186369	923081186369	10/12/24 11:29	0	356887160578190	HRY0915_S_Addacdudra, Plot of land bearing Khewat No. 196, Khatoon No. 536,& Mehtoora Hissa No. 1S/M/M, Moza Sahari Singh, Tehsil Minchinabad, District Bhawalnagar, HIGHWAY (30)(30.0822)(73.3749)
Incoming SMS	923081186369	923081186369	10/12/24 11:34	0	356887160578190	HRY0915_S_Addacdudra, Plot of land bearing Khewat No. 196, Khatoon No. 536,& Mehtoora Hissa No. 1S/M/M, Moza Sahari Singh, Tehsil Minchinabad, District Bhawalnagar, HIGHWAY (30)(30.0822)(73.3749)
Outgoing	923081186369	3088965537	10/12/24 11:38	0	356887160578190	HRY0915_S_Addacdudra, Plot of land bearing Khewat No. 196, Khatoon No. 536,& Mehtoora Hissa No. 1S/M/M, Moza Sahari Singh, Tehsil Minchinabad, District Bhawalnagar, HIGHWAY (30)(30.0822)(73.3749)
Incoming SMS	923081186369	923081186369	10/12/24 11:42	0	356887160578190	HRY0915_S_Addacdudra, Plot of land bearing Khewat No. 196, Khatoon No. 536,& Mehtoora Hissa No. 1S/M/M, Moza Sahari Singh, Tehsil Minchinabad, District Bhawalnagar, HIGHWAY (30)(30.0822)(73.3749)
InComing	923081186369	3086672668	10/12/24 11:50	0	356887160578190	HRY0915_S_Addacdudra, Plot of land bearing Khewat No. 196, Khatoon No. 536,& Mehtoora Hissa No. 1S/M/M, Moza Sahari Singh, Tehsil Minchinabad, District Bhawalnagar, HIGHWAY (30)(30.0822)(73.3749)
Incoming SMS	923081186369	923081186369	10/12/24 12:03	0	356887160578190	HRY0915_S_Addacdudra, Plot of land bearing Khewat No. 196, Khatoon No. 536,& Mehtoora Hissa No. 1S/M/M, Moza Sahari Singh, Tehsil Minchinabad, District Bhawalnagar, HIGHWAY (30)(30.0822)(73.3749)
Incoming SMS	923081186369	923081186369	10/12/24 12:08	0	356887160578190	HRY6311_PMCL site of CMG Ward_MR016320 at Minchinabad Rd,Bahawalnagar (30)(30.0360)(73.3253)
InComing	923081186369	2301	10/12/24 12:18	40	356887160578190	HRY6311_PMCL site of CMG Ward_MR016320 at Minchinabad Rd,Bahawalnagar (30)(30.0360)(73.3253)
